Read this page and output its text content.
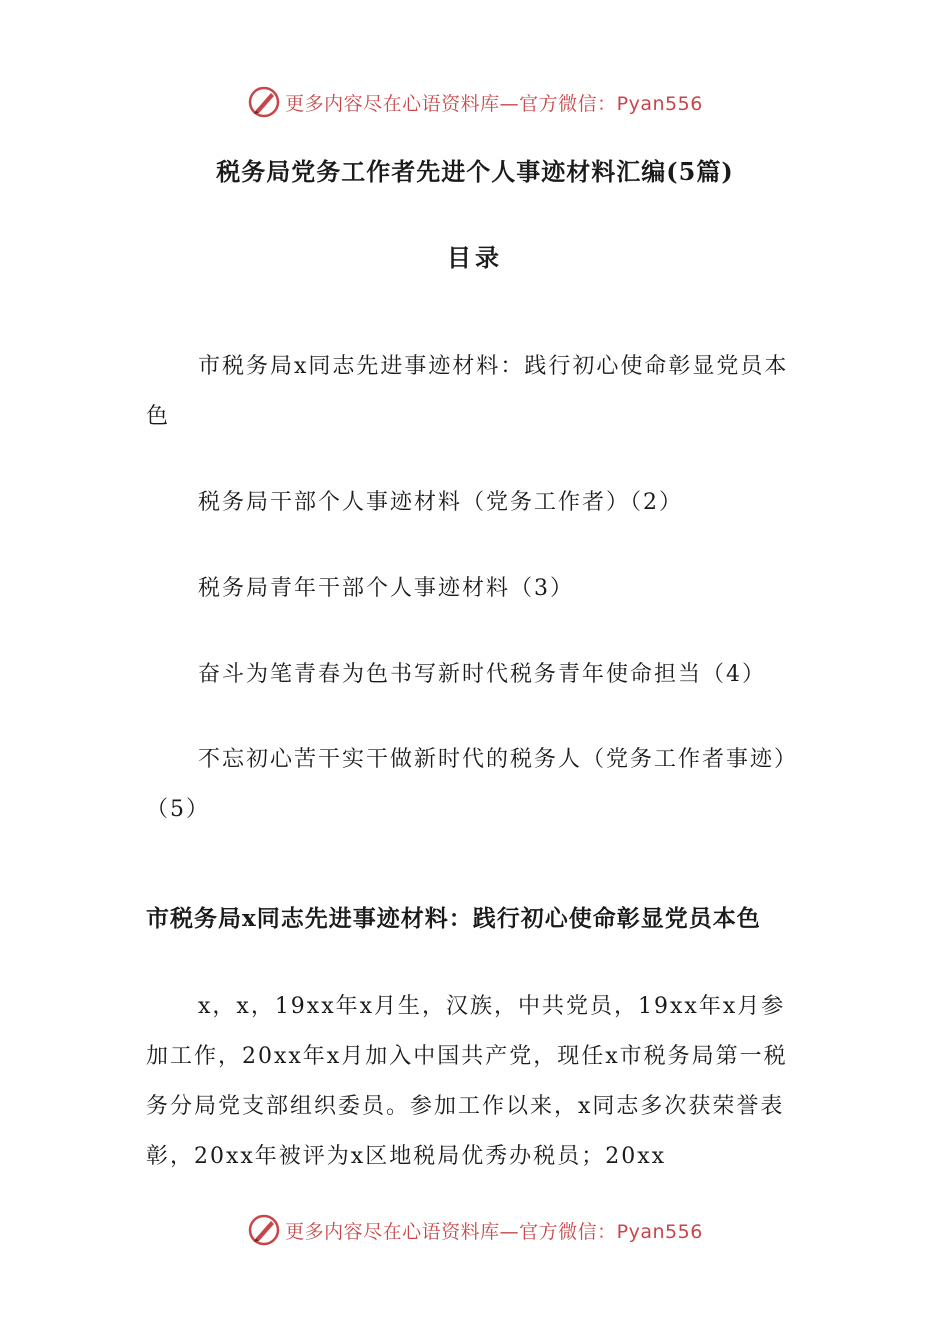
更多内容尽在心语资料库—官方微信：Pyan556
税务局党务工作者先进个人事迹材料汇编(5篇)
目录

市税务局x同志先进事迹材料：践行初心使命彰显党员本色

税务局干部个人事迹材料（党务工作者）（2）

税务局青年干部个人事迹材料（3）

奋斗为笔青春为色书写新时代税务青年使命担当（4）

不忘初心苦干实干做新时代的税务人（党务工作者事迹）（5）

市税务局x同志先进事迹材料：践行初心使命彰显党员本色

x，x，19xx年x月生，汉族，中共党员，19xx年x月参加工作，20xx年x月加入中国共产党，现任x市税务局第一税务分局党支部组织委员。参加工作以来，x同志多次获荣誉表彰，20xx年被评为x区地税局优秀办税员；20xx

更多内容尽在心语资料库—官方微信：Pyan556
